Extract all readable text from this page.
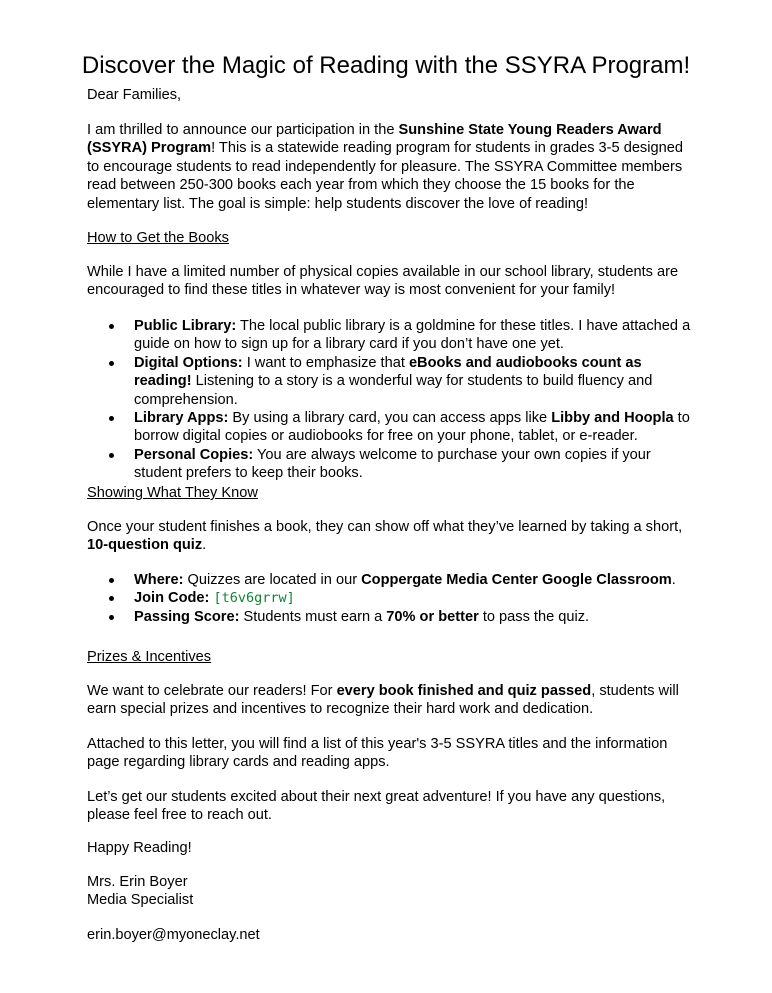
Discover the Magic of Reading with the SSYRA Program!

Dear Families,

I am thrilled to announce our participation in the Sunshine State Young Readers Award (SSYRA) Program! This is a statewide reading program for students in grades 3-5 designed to encourage students to read independently for pleasure. The SSYRA Committee members read between 250-300 books each year from which they choose the 15 books for the elementary list. The goal is simple: help students discover the love of reading!

How to Get the Books

While I have a limited number of physical copies available in our school library, students are encouraged to find these titles in whatever way is most convenient for your family!

Public Library: The local public library is a goldmine for these titles. I have attached a guide on how to sign up for a library card if you don’t have one yet.
Digital Options: I want to emphasize that eBooks and audiobooks count as reading! Listening to a story is a wonderful way for students to build fluency and comprehension.
Library Apps: By using a library card, you can access apps like Libby and Hoopla to borrow digital copies or audiobooks for free on your phone, tablet, or e-reader.
Personal Copies: You are always welcome to purchase your own copies if your student prefers to keep their books.

Showing What They Know

Once your student finishes a book, they can show off what they’ve learned by taking a short, 10-question quiz.

Where: Quizzes are located in our Coppergate Media Center Google Classroom.
Join Code: [t6v6grrw]
Passing Score: Students must earn a 70% or better to pass the quiz.

Prizes & Incentives

We want to celebrate our readers! For every book finished and quiz passed, students will earn special prizes and incentives to recognize their hard work and dedication.

Attached to this letter, you will find a list of this year's 3-5 SSYRA titles and the information page regarding library cards and reading apps.

Let’s get our students excited about their next great adventure! If you have any questions, please feel free to reach out.

Happy Reading!

Mrs. Erin Boyer

Media Specialist

erin.boyer@myoneclay.net
